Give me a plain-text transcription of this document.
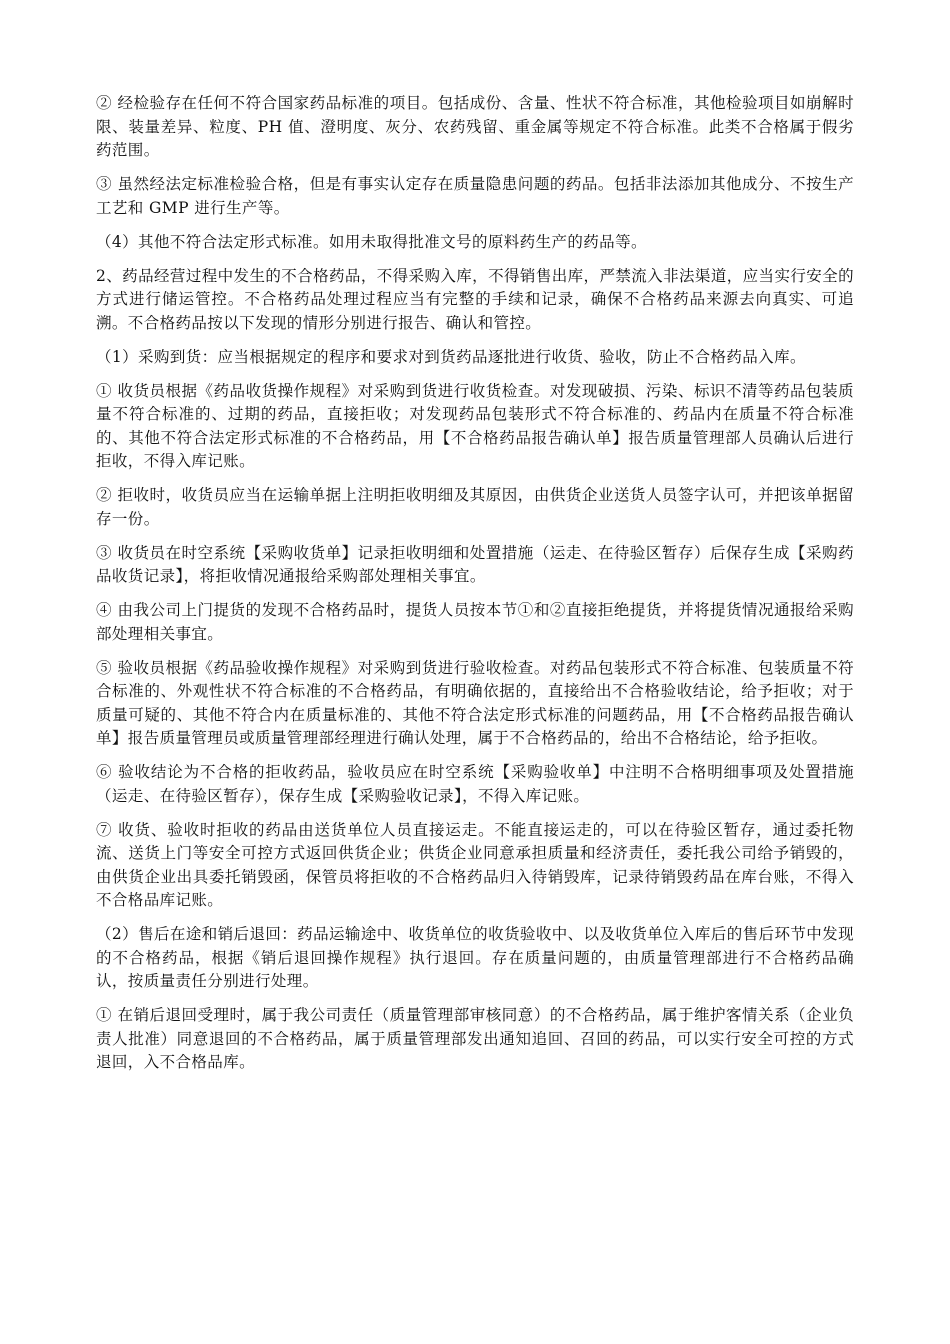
② 经检验存在任何不符合国家药品标准的项目。包括成份、含量、性状不符合标准，其他检验项目如崩解时限、装量差异、粒度、PH 值、澄明度、灰分、农药残留、重金属等规定不符合标准。此类不合格属于假劣药范围。

③ 虽然经法定标准检验合格，但是有事实认定存在质量隐患问题的药品。包括非法添加其他成分、不按生产工艺和 GMP 进行生产等。

（4）其他不符合法定形式标准。如用未取得批准文号的原料药生产的药品等。

2、药品经营过程中发生的不合格药品，不得采购入库，不得销售出库，严禁流入非法渠道，应当实行安全的方式进行储运管控。不合格药品处理过程应当有完整的手续和记录，确保不合格药品来源去向真实、可追溯。不合格药品按以下发现的情形分别进行报告、确认和管控。

（1）采购到货：应当根据规定的程序和要求对到货药品逐批进行收货、验收，防止不合格药品入库。

① 收货员根据《药品收货操作规程》对采购到货进行收货检查。对发现破损、污染、标识不清等药品包装质量不符合标准的、过期的药品，直接拒收；对发现药品包装形式不符合标准的、药品内在质量不符合标准的、其他不符合法定形式标准的不合格药品，用【不合格药品报告确认单】报告质量管理部人员确认后进行拒收，不得入库记账。

② 拒收时，收货员应当在运输单据上注明拒收明细及其原因，由供货企业送货人员签字认可，并把该单据留存一份。

③ 收货员在时空系统【采购收货单】记录拒收明细和处置措施（运走、在待验区暂存）后保存生成【采购药品收货记录】，将拒收情况通报给采购部处理相关事宜。

④ 由我公司上门提货的发现不合格药品时，提货人员按本节①和②直接拒绝提货，并将提货情况通报给采购部处理相关事宜。

⑤ 验收员根据《药品验收操作规程》对采购到货进行验收检查。对药品包装形式不符合标准、包装质量不符合标准的、外观性状不符合标准的不合格药品，有明确依据的，直接给出不合格验收结论，给予拒收；对于质量可疑的、其他不符合内在质量标准的、其他不符合法定形式标准的问题药品，用【不合格药品报告确认单】报告质量管理员或质量管理部经理进行确认处理，属于不合格药品的，给出不合格结论，给予拒收。

⑥ 验收结论为不合格的拒收药品，验收员应在时空系统【采购验收单】中注明不合格明细事项及处置措施（运走、在待验区暂存），保存生成【采购验收记录】，不得入库记账。

⑦ 收货、验收时拒收的药品由送货单位人员直接运走。不能直接运走的，可以在待验区暂存，通过委托物流、送货上门等安全可控方式返回供货企业；供货企业同意承担质量和经济责任，委托我公司给予销毁的，由供货企业出具委托销毁函，保管员将拒收的不合格药品归入待销毁库，记录待销毁药品在库台账，不得入不合格品库记账。

（2）售后在途和销后退回：药品运输途中、收货单位的收货验收中、以及收货单位入库后的售后环节中发现的不合格药品，根据《销后退回操作规程》执行退回。存在质量问题的，由质量管理部进行不合格药品确认，按质量责任分别进行处理。

① 在销后退回受理时，属于我公司责任（质量管理部审核同意）的不合格药品，属于维护客情关系（企业负责人批准）同意退回的不合格药品，属于质量管理部发出通知追回、召回的药品，可以实行安全可控的方式退回，入不合格品库。
